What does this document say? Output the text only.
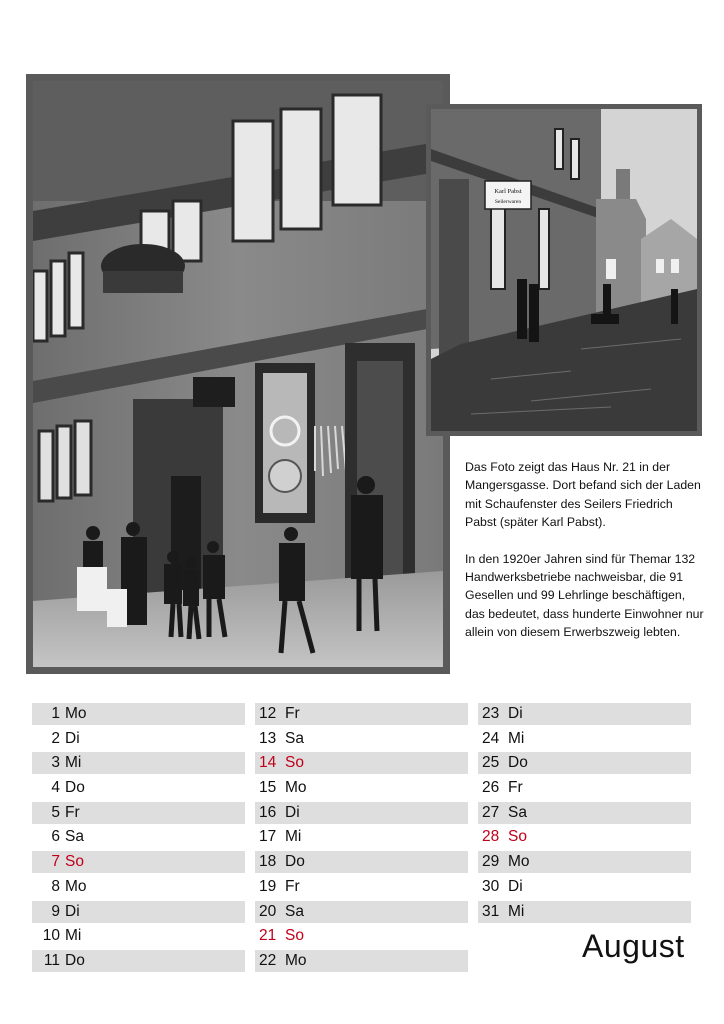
Karl Pabst
Seilerwaren

Das Foto zeigt das Haus Nr. 21 in der Mangersgasse. Dort befand sich der Laden mit Schaufenster des Seilers Friedrich Pabst (später Karl Pabst).

In den 1920er Jahren sind für Themar 132 Handwerksbetriebe nachweisbar, die 91 Gesellen und 99 Lehrlinge beschäftigen, das bedeutet, dass hunderte Einwohner nur allein von diesem Erwerbszweig lebten.

1 Mo
2 Di
3 Mi
4 Do
5 Fr
6 Sa
7 So
8 Mo
9 Di
10 Mi
11 Do
12 Fr
13 Sa
14 So
15 Mo
16 Di
17 Mi
18 Do
19 Fr
20 Sa
21 So
22 Mo
23 Di
24 Mi
25 Do
26 Fr
27 Sa
28 So
29 Mo
30 Di
31 Mi
August
